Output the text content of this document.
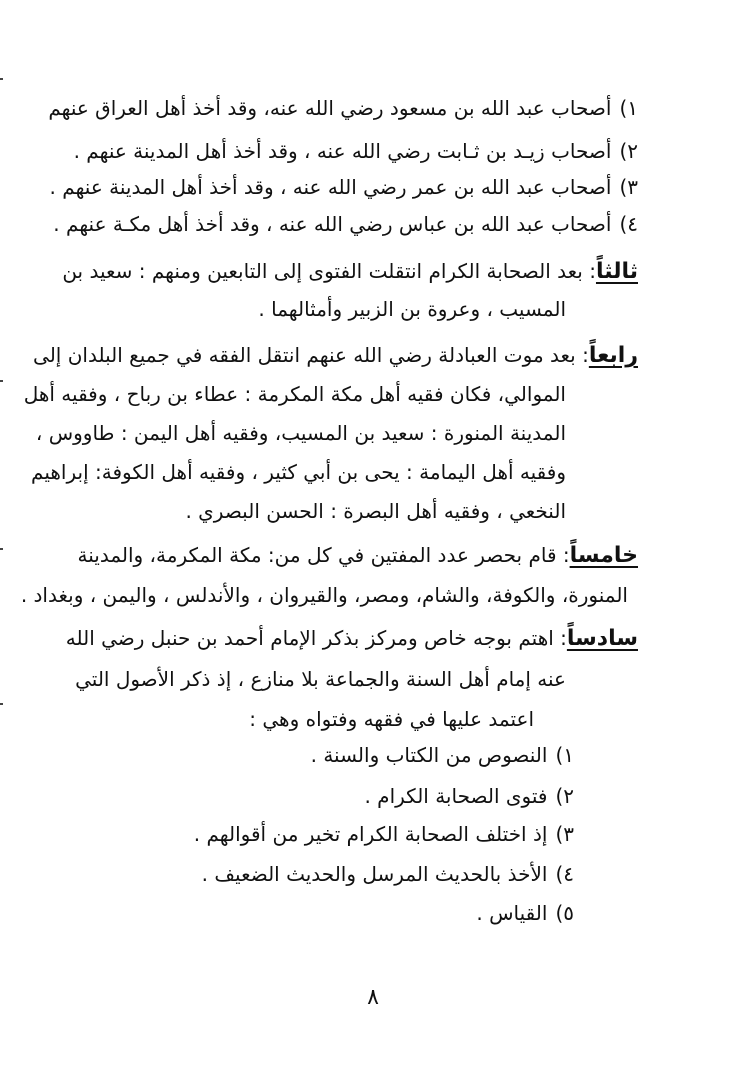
١)أصحاب عبد الله بن مسعود رضي الله عنه، وقد أخذ أهل العراق عنهم
٢)أصحاب زيـد بن ثـابت رضي الله عنه ، وقد أخذ أهل المدينة عنهم .
٣)أصحاب عبد الله بن عمر رضي الله عنه ، وقد أخذ أهل المدينة عنهم .
٤)أصحاب عبد الله بن عباس رضي الله عنه ، وقد أخذ أهل مكـة عنهم .
ثالثاً: بعد الصحابة الكرام انتقلت الفتوى إلى التابعين ومنهم : سعيد بن
المسيب ، وعروة بن الزبير وأمثالهما .
رابعاً: بعد موت العبادلة رضي الله عنهم انتقل الفقه في جميع البلدان إلى
الموالي، فكان فقيه أهل مكة المكرمة : عطاء بن رباح ، وفقيه أهل
المدينة المنورة : سعيد بن المسيب، وفقيه أهل اليمن : طاووس ،
وفقيه أهل اليمامة : يحى بن أبي كثير ، وفقيه أهل الكوفة: إبراهيم
النخعي ، وفقيه أهل البصرة : الحسن البصري .
خامساً: قام بحصر عدد المفتين في كل من: مكة المكرمة، والمدينة
المنورة، والكوفة، والشام، ومصر، والقيروان ، والأندلس ، واليمن ، وبغداد .
سادساً: اهتم بوجه خاص ومركز بذكر الإمام أحمد بن حنبل رضي الله
عنه إمام أهل السنة والجماعة بلا منازع ، إذ ذكر الأصول التي
اعتمد عليها في فقهه وفتواه وهي :
١)النصوص من الكتاب والسنة .
٢)فتوى الصحابة الكرام .
٣)إذ اختلف الصحابة الكرام تخير من أقوالهم .
٤)الأخذ بالحديث المرسل والحديث الضعيف .
٥)القياس .
٨
